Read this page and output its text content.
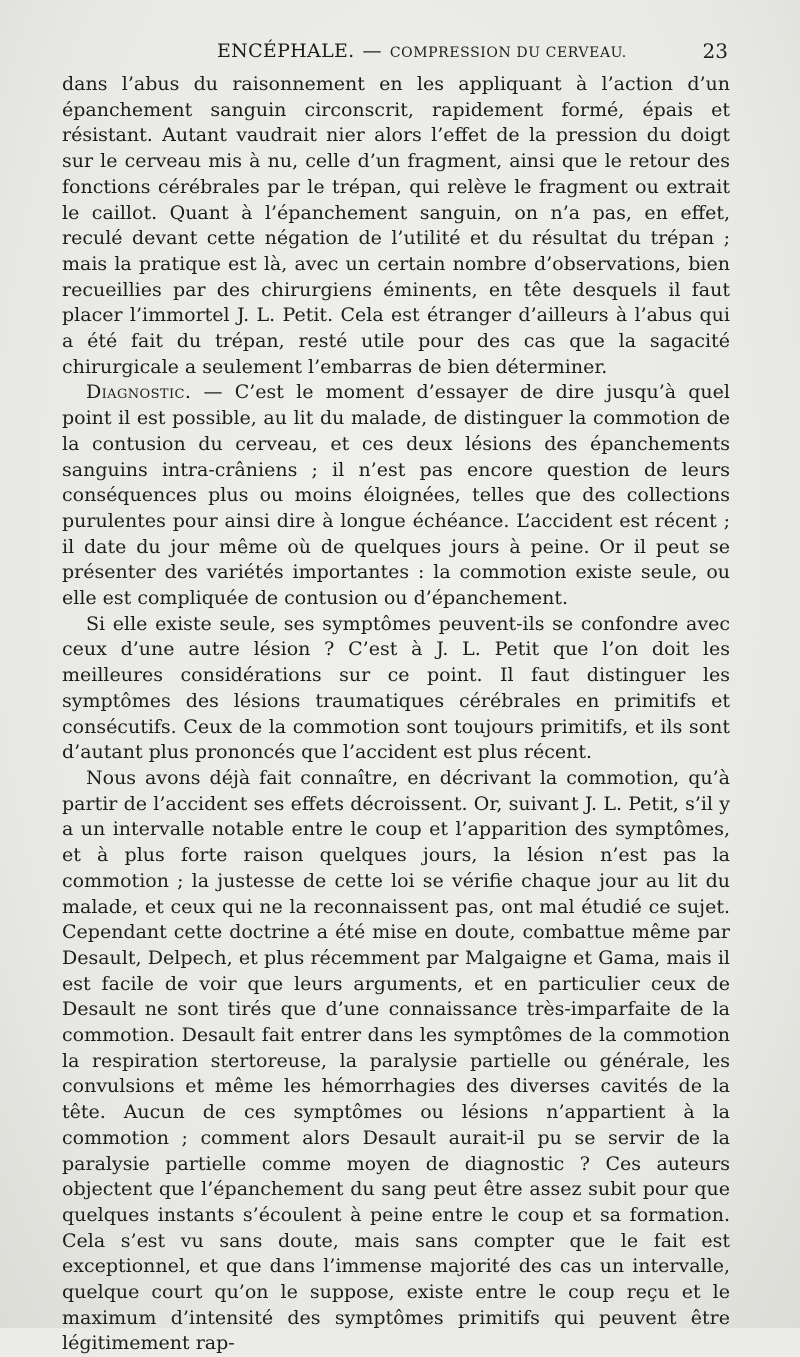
ENCÉPHALE. — COMPRESSION DU CERVEAU.	23

dans l’abus du raisonnement en les appliquant à l’action d’un épanchement sanguin circonscrit, rapidement formé, épais et résistant. Autant vaudrait nier alors l’effet de la pression du doigt sur le cerveau mis à nu, celle d’un fragment, ainsi que le retour des fonctions cérébrales par le trépan, qui relève le fragment ou extrait le caillot. Quant à l’épanchement sanguin, on n’a pas, en effet, reculé devant cette négation de l’utilité et du résultat du trépan ; mais la pratique est là, avec un certain nombre d’observations, bien recueillies par des chirurgiens éminents, en tête desquels il faut placer l’immortel J. L. Petit. Cela est étranger d’ailleurs à l’abus qui a été fait du trépan, resté utile pour des cas que la sagacité chirurgicale a seulement l’embarras de bien déterminer.

Diagnostic. — C’est le moment d’essayer de dire jusqu’à quel point il est possible, au lit du malade, de distinguer la commotion de la contusion du cerveau, et ces deux lésions des épanchements sanguins intra-crâniens ; il n’est pas encore question de leurs conséquences plus ou moins éloignées, telles que des collections purulentes pour ainsi dire à longue échéance. L’accident est récent ; il date du jour même où de quelques jours à peine. Or il peut se présenter des variétés importantes : la commotion existe seule, ou elle est compliquée de contusion ou d’épanchement.

Si elle existe seule, ses symptômes peuvent-ils se confondre avec ceux d’une autre lésion ? C’est à J. L. Petit que l’on doit les meilleures considérations sur ce point. Il faut distinguer les symptômes des lésions traumatiques cérébrales en primitifs et consécutifs. Ceux de la commotion sont toujours primitifs, et ils sont d’autant plus prononcés que l’accident est plus récent.

Nous avons déjà fait connaître, en décrivant la commotion, qu’à partir de l’accident ses effets décroissent. Or, suivant J. L. Petit, s’il y a un intervalle notable entre le coup et l’apparition des symptômes, et à plus forte raison quelques jours, la lésion n’est pas la commotion ; la justesse de cette loi se vérifie chaque jour au lit du malade, et ceux qui ne la reconnaissent pas, ont mal étudié ce sujet. Cependant cette doctrine a été mise en doute, combattue même par Desault, Delpech, et plus récemment par Malgaigne et Gama, mais il est facile de voir que leurs arguments, et en particulier ceux de Desault ne sont tirés que d’une connaissance très-imparfaite de la commotion. Desault fait entrer dans les symptômes de la commotion la respiration stertoreuse, la paralysie partielle ou générale, les convulsions et même les hémorrhagies des diverses cavités de la tête. Aucun de ces symptômes ou lésions n’appartient à la commotion ; comment alors Desault aurait-il pu se servir de la paralysie partielle comme moyen de diagnostic ? Ces auteurs objectent que l’épanchement du sang peut être assez subit pour que quelques instants s’écoulent à peine entre le coup et sa formation. Cela s’est vu sans doute, mais sans compter que le fait est exceptionnel, et que dans l’immense majorité des cas un intervalle, quelque court qu’on le suppose, existe entre le coup reçu et le maximum d’intensité des symptômes primitifs qui peuvent être légitimement rap-
